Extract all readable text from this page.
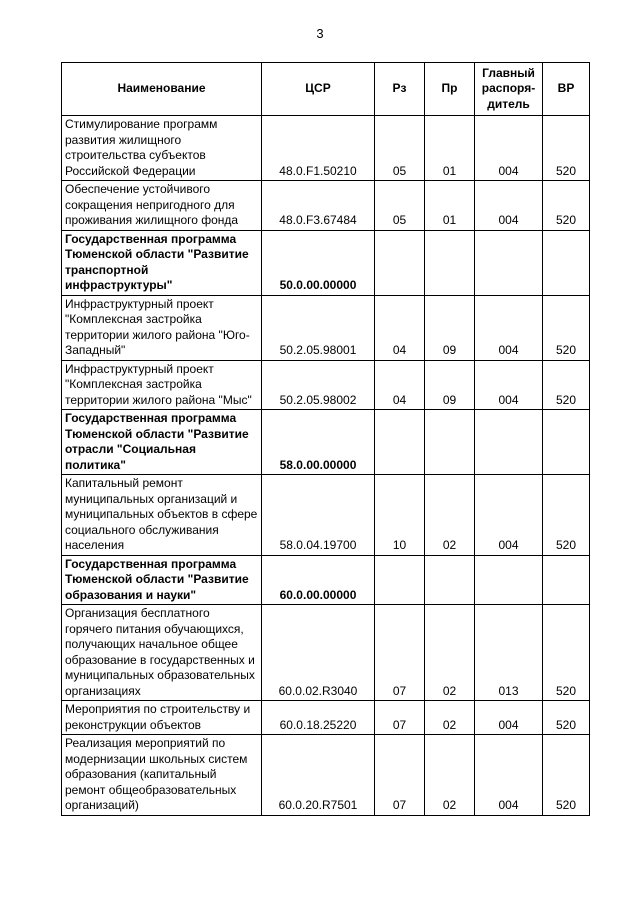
3
Наименование	ЦСР	Рз	Пр	Главный распоря-дитель	ВР
Стимулирование программ развития жилищного строительства субъектов Российской Федерации	48.0.F1.50210	05	01	004	520
Обеспечение устойчивого сокращения непригодного для проживания жилищного фонда	48.0.F3.67484	05	01	004	520
Государственная программа Тюменской области "Развитие транспортной инфраструктуры"	50.0.00.00000				
Инфраструктурный проект "Комплексная застройка территории жилого района "Юго-Западный"	50.2.05.98001	04	09	004	520
Инфраструктурный проект "Комплексная застройка территории жилого района "Мыс"	50.2.05.98002	04	09	004	520
Государственная программа Тюменской области "Развитие отрасли "Социальная политика"	58.0.00.00000				
Капитальный ремонт муниципальных организаций и муниципальных объектов в сфере социального обслуживания населения	58.0.04.19700	10	02	004	520
Государственная программа Тюменской области "Развитие образования и науки"	60.0.00.00000				
Организация бесплатного горячего питания обучающихся, получающих начальное общее образование в государственных и муниципальных образовательных организациях	60.0.02.R3040	07	02	013	520
Мероприятия по строительству и реконструкции объектов	60.0.18.25220	07	02	004	520
Реализация мероприятий по модернизации школьных систем образования (капитальный ремонт общеобразовательных организаций)	60.0.20.R7501	07	02	004	520
